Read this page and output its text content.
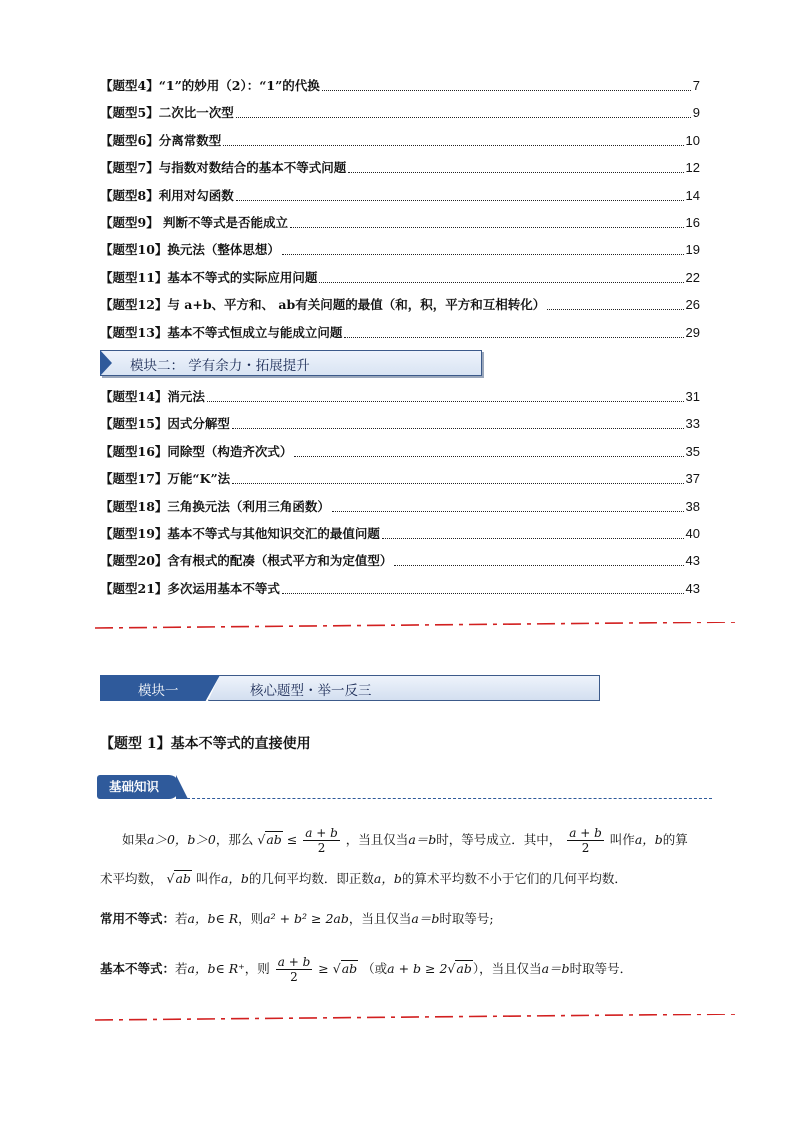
【题型4】“1”的妙用（2）：“1”的代换	7
【题型5】二次比一次型	9
【题型6】分离常数型	10
【题型7】与指数对数结合的基本不等式问题	12
【题型8】利用对勾函数	14
【题型9】 判断不等式是否能成立	16
【题型10】换元法（整体思想）	19
【题型11】基本不等式的实际应用问题	22
【题型12】与 a+b、平方和、 ab有关问题的最值（和，积，平方和互相转化）	26
【题型13】基本不等式恒成立与能成立问题	29
模块二： 学有余力・拓展提升
【题型14】消元法	31
【题型15】因式分解型	33
【题型16】同除型（构造齐次式）	35
【题型17】万能“K”法	37
【题型18】三角换元法（利用三角函数）	38
【题型19】基本不等式与其他知识交汇的最值问题	40
【题型20】含有根式的配凑（根式平方和为定值型）	43
【题型21】多次运用基本不等式	43
模块一	核心题型・举一反三
【题型 1】基本不等式的直接使用
基础知识
如果a＞0，b＞0，那么 $√ab \le \frac{a + b}{2}$ ，当且仅当a＝b时，等号成立．其中， $\frac{a + b}{2}$ 叫作a，b的算
术平均数， √ab 叫作a，b的几何平均数．即正数a，b的算术平均数不小于它们的几何平均数．
常用不等式：若a，b∈ R，则a² + b² ≥ 2ab，当且仅当a＝b时取等号;
基本不等式：若a，b∈ R⁺，则 $\frac{a + b}{2} \ge √ab$ （或a + b ≥ 2√ab），当且仅当a＝b时取等号．
